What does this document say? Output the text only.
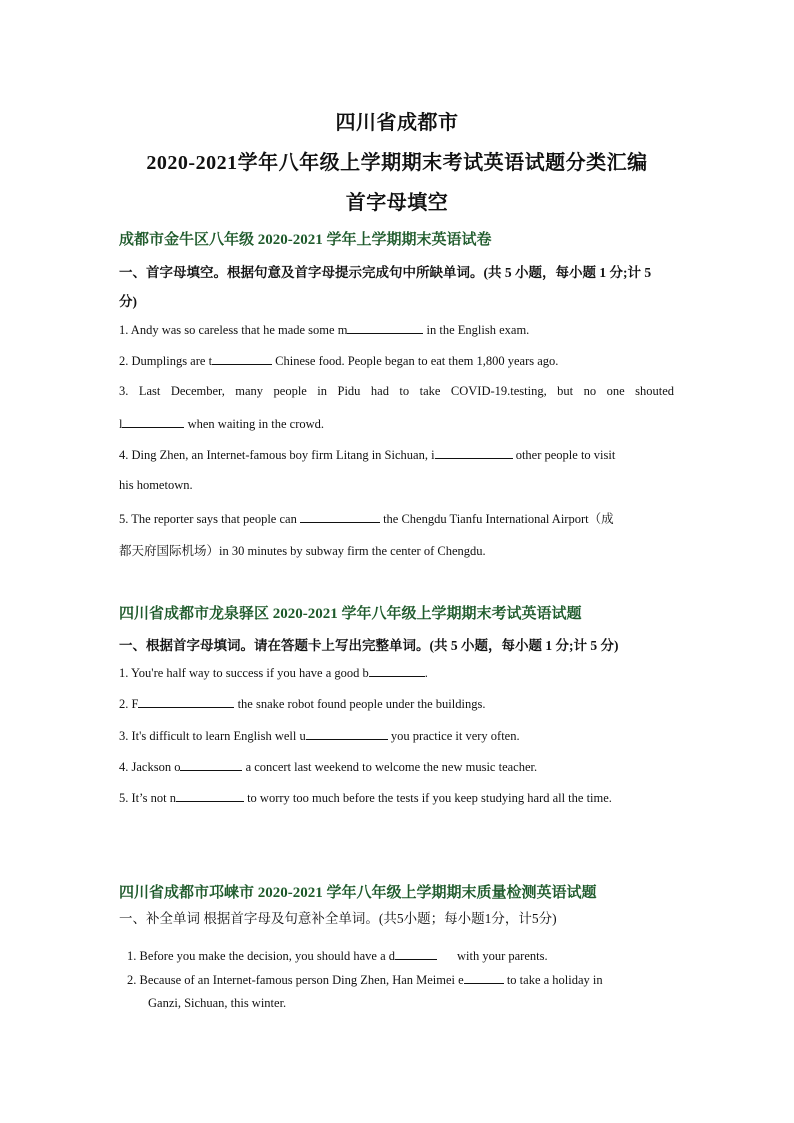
四川省成都市
2020-2021学年八年级上学期期末考试英语试题分类汇编
首字母填空
成都市金牛区八年级 2020-2021 学年上学期期末英语试卷
一、首字母填空。根据句意及首字母提示完成句中所缺单词。(共 5 小题，每小题 1 分;计 5
分)
1. Andy was so careless that he made some m	in the English exam.
2. Dumplings are t	Chinese food. People began to eat them 1,800 years ago.
3. Last December, many people in Pidu had to take COVID-19.testing, but no one shouted
l	when waiting in the crowd.
4. Ding Zhen, an Internet-famous boy firm Litang in Sichuan, i	other people to visit
his hometown.
5. The reporter says that people can	the Chengdu Tianfu International Airport（成
都天府国际机场）in 30 minutes by subway firm the center of Chengdu.
四川省成都市龙泉驿区 2020-2021 学年八年级上学期期末考试英语试题
一、根据首字母填词。请在答题卡上写出完整单词。(共 5 小题，每小题 1 分;计 5 分)
1. You're half way to success if you have a good b	.
2. F	the snake robot found people under the buildings.
3. It's difficult to learn English well u	you practice it very often.
4. Jackson o	a concert last weekend to welcome the new music teacher.
5. It’s not n	to worry too much before the tests if you keep studying hard all the time.
四川省成都市邛崃市 2020-2021 学年八年级上学期期末质量检测英语试题
一、补全单词 根据首字母及句意补全单词。(共5小题；每小题1分，计5分)
1. Before you make the decision, you should have a d	with your parents.
2. Because of an Internet-famous person Ding Zhen, Han Meimei e	to take a holiday in
Ganzi, Sichuan, this winter.
